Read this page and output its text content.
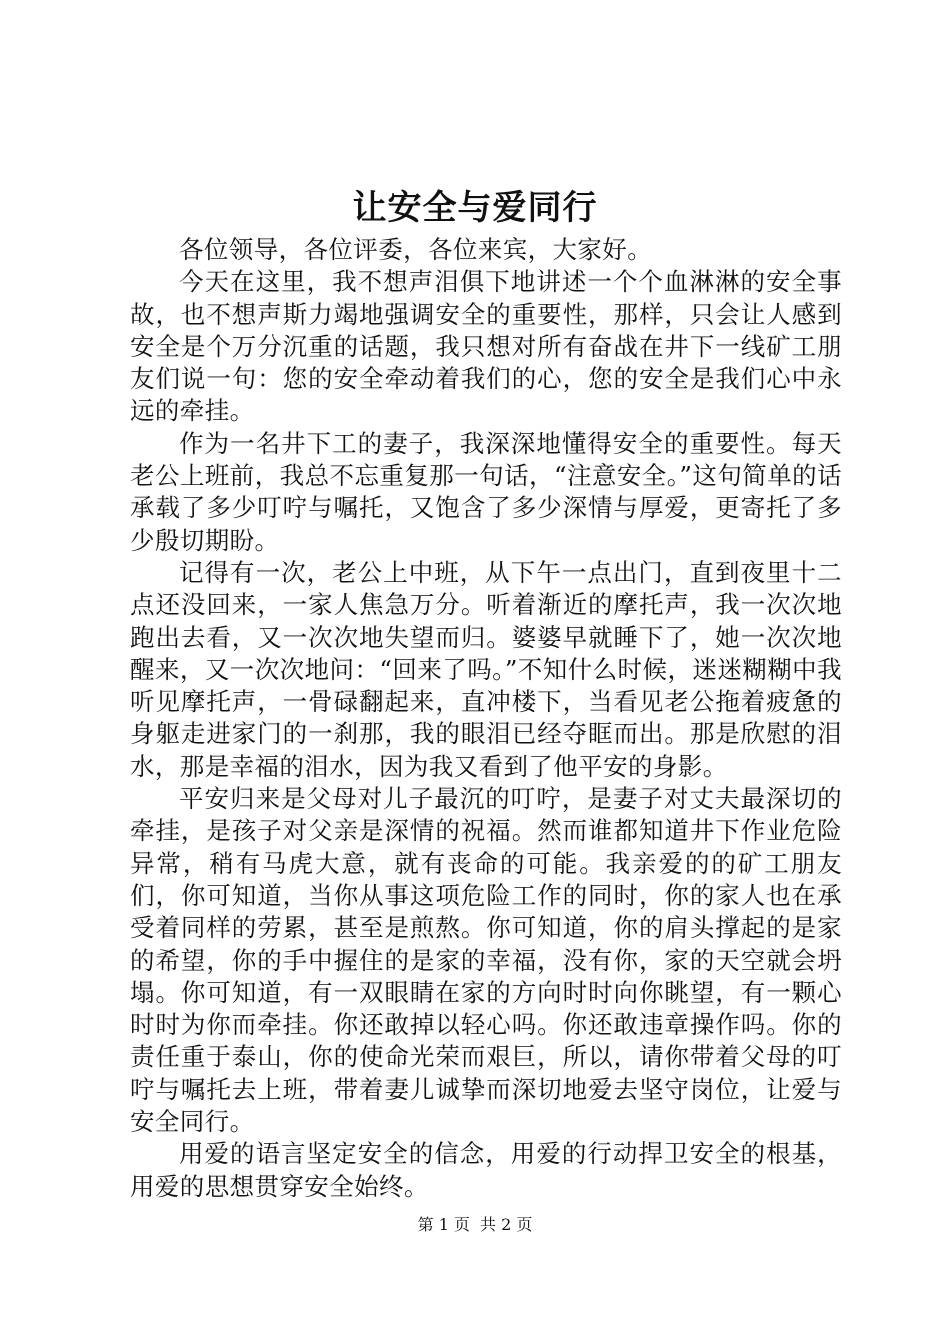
让安全与爱同行

各位领导，各位评委，各位来宾，大家好。

今天在这里，我不想声泪俱下地讲述一个个血淋淋的安全事故，也不想声斯力竭地强调安全的重要性，那样，只会让人感到安全是个万分沉重的话题，我只想对所有奋战在井下一线矿工朋友们说一句：您的安全牵动着我们的心，您的安全是我们心中永远的牵挂。

作为一名井下工的妻子，我深深地懂得安全的重要性。每天老公上班前，我总不忘重复那一句话，“注意安全。”这句简单的话承载了多少叮咛与嘱托，又饱含了多少深情与厚爱，更寄托了多少殷切期盼。

记得有一次，老公上中班，从下午一点出门，直到夜里十二点还没回来，一家人焦急万分。听着渐近的摩托声，我一次次地跑出去看，又一次次地失望而归。婆婆早就睡下了，她一次次地醒来，又一次次地问：“回来了吗。”不知什么时候，迷迷糊糊中我听见摩托声，一骨碌翻起来，直冲楼下，当看见老公拖着疲惫的身躯走进家门的一刹那，我的眼泪已经夺眶而出。那是欣慰的泪水，那是幸福的泪水，因为我又看到了他平安的身影。

平安归来是父母对儿子最沉的叮咛，是妻子对丈夫最深切的牵挂，是孩子对父亲是深情的祝福。然而谁都知道井下作业危险异常，稍有马虎大意，就有丧命的可能。我亲爱的的矿工朋友们，你可知道，当你从事这项危险工作的同时，你的家人也在承受着同样的劳累，甚至是煎熬。你可知道，你的肩头撑起的是家的希望，你的手中握住的是家的幸福，没有你，家的天空就会坍塌。你可知道，有一双眼睛在家的方向时时向你眺望，有一颗心时时为你而牵挂。你还敢掉以轻心吗。你还敢违章操作吗。你的责任重于泰山，你的使命光荣而艰巨，所以，请你带着父母的叮咛与嘱托去上班，带着妻儿诚挚而深切地爱去坚守岗位，让爱与安全同行。

用爱的语言坚定安全的信念，用爱的行动捍卫安全的根基，用爱的思想贯穿安全始终。

第 1 页 共 2 页
